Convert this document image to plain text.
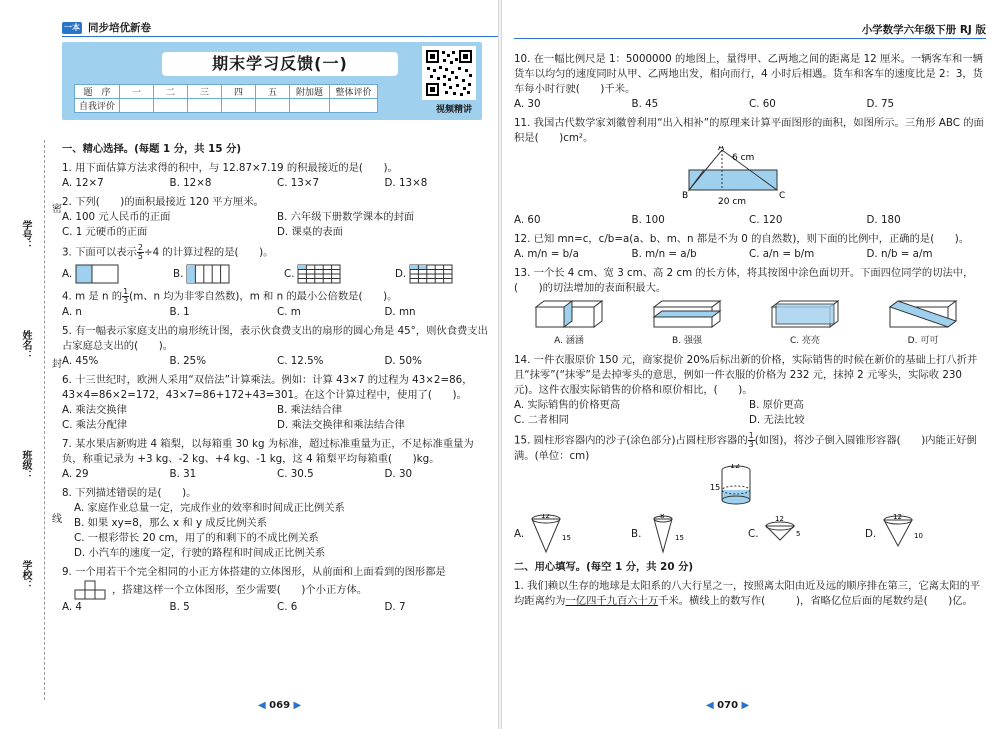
一本 同步培优新卷
期末学习反馈(一)
题　序	一	二	三	四	五	附加题	整体评价
自我评价								视频精讲
学号：
姓名：
班级：
学校：
密
封
线
一、精心选择。(每题 1 分，共 15 分)
1. 用下面估算方法求得的积中，与 12.87×7.19 的积最接近的是(　　)。
A. 12×7	B. 12×8	C. 13×7	D. 13×8
2. 下列(　　)的面积最接近 120 平方厘米。
A. 100 元人民币的正面	B. 六年级下册数学课本的封面
C. 1 元硬币的正面	D. 课桌的表面
3. 下面可以表示 $\frac{2}{5} \div 4$ 的计算过程的是(　　)。
A.	B.	C.	D.
4. m 是 n 的 $\frac{1}{3} (m$、n 均为非零自然数)，m 和 n 的最小公倍数是(　　)。
A. n	B. 1	C. m	D. mn
5. 有一幅表示家庭支出的扇形统计图，表示伙食费支出的扇形的圆心角是 45°，则伙食费支出占家庭总支出的(　　)。
A. 45%	B. 25%	C. 12.5%	D. 50%
6. 十三世纪时，欧洲人采用“双倍法”计算乘法。例如：计算 43×7 的过程为 43×2=86，43×4=86×2=172，43×7=86+172+43=301。在这个计算过程中，使用了(　　)。
A. 乘法交换律	B. 乘法结合律
C. 乘法分配律	D. 乘法交换律和乘法结合律
7. 某水果店新购进 4 箱梨，以每箱重 30 kg 为标准，超过标准重量为正，不足标准重量为负，称重记录为 +3 kg、-2 kg、+4 kg、-1 kg，这 4 箱梨平均每箱重(　　)kg。
A. 29	B. 31	C. 30.5	D. 30
8. 下列描述错误的是(　　)。
A. 家庭作业总量一定，完成作业的效率和时间成正比例关系
B. 如果 xy=8，那么 x 和 y 成反比例关系
C. 一根彩带长 20 cm，用了的和剩下的不成比例关系
D. 小汽车的速度一定，行驶的路程和时间成正比例关系
9. 一个用若干个完全相同的小正方体搭建的立体图形，从前面和上面看到的图形都是
，搭建这样一个立体图形，至少需要(　　)个小正方体。
A. 4	B. 5	C. 6	D. 7
◀ 069 ▶
小学数学六年级下册 RJ 版
10. 在一幅比例尺是 1：5000000 的地图上，量得甲、乙两地之间的距离是 12 厘米。一辆客车和一辆货车以均匀的速度同时从甲、乙两地出发，相向而行，4 小时后相遇。货车和客车的速度比是 2：3，货车每小时行驶(　　)千米。
A. 30	B. 45	C. 60	D. 75
11. 我国古代数学家刘徽曾利用“出入相补”的原理来计算平面图形的面积，如图所示。三角形 ABC 的面积是(　　)cm²。
B	C
A
6 cm
20 cm
A. 60	B. 100	C. 120	D. 180
12. 已知 mn=c，c/b=a(a、b、m、n 都是不为 0 的自然数)，则下面的比例中，正确的是(　　)。
A. m/n = b/a	B. m/n = a/b	C. a/n = b/m	D. n/b = a/m
13. 一个长 4 cm、宽 3 cm、高 2 cm 的长方体，将其按图中涂色面切开。下面四位同学的切法中，(　　)的切法增加的表面积最大。
A. 涵涵	B. 强强	C. 亮亮	D. 可可
14. 一件衣服原价 150 元，商家提价 20%后标出新的价格，实际销售的时候在新价的基础上打八折并且“抹零”(“抹零”是去掉零头的意思，例如一件衣服的价格为 232 元，抹掉 2 元零头，实际收 230 元)。这件衣服实际销售的价格和原价相比，(　　)。
A. 实际销售的价格更高	B. 原价更高
C. 二者相同	D. 无法比较
15. 圆柱形容器内的沙子(涂色部分)占圆柱形容器的 $\frac{1}{3}$ (如图)，将沙子倒入圆锥形容器(　　)内能正好倒满。(单位：cm)
12
15
A.
12
15	B.
8
15	C.
12
5	D.
12
10
二、用心填写。(每空 1 分，共 20 分)
1. 我们赖以生存的地球是太阳系的八大行星之一，按照离太阳由近及远的顺序排在第三，它离太阳的平均距离约为一亿四千九百六十万千米。横线上的数写作(　　　)，省略亿位后面的尾数约是(　　)亿。
◀ 070 ▶
